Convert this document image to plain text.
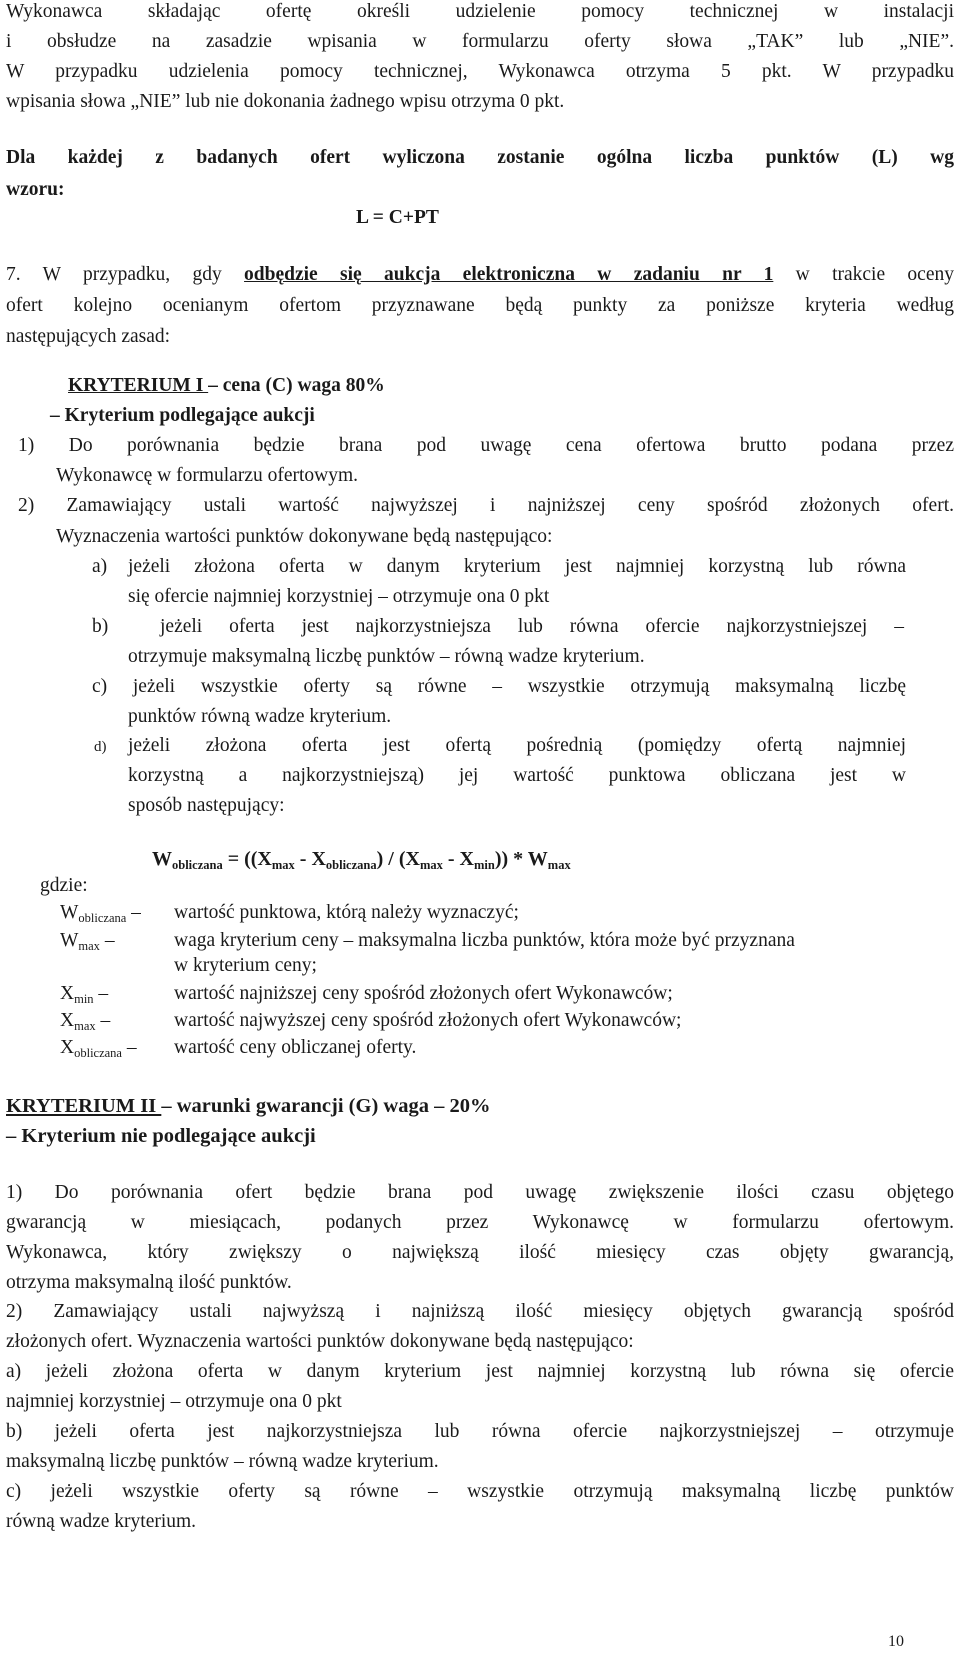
Wykonawca składając ofertę określi udzielenie pomocy technicznej w instalacji
i obsłudze na zasadzie wpisania w formularzu oferty słowa „TAK” lub „NIE”.
W przypadku udzielenia pomocy technicznej, Wykonawca otrzyma 5 pkt. W przypadku
wpisania słowa „NIE” lub nie dokonania żadnego wpisu otrzyma 0 pkt.
Dla każdej z badanych ofert wyliczona zostanie ogólna liczba punktów (L) wg
wzoru:
L = C+PT
7. W przypadku, gdy odbędzie się aukcja elektroniczna w zadaniu nr 1 w trakcie oceny
ofert kolejno ocenianym ofertom przyznawane będą punkty za poniższe kryteria według
następujących zasad:
KRYTERIUM I – cena (C) waga 80%
– Kryterium podlegające aukcji
1) Do porównania będzie brana pod uwagę cena ofertowa brutto podana przez
Wykonawcę w formularzu ofertowym.
2) Zamawiający ustali wartość najwyższej i najniższej ceny spośród złożonych ofert.
Wyznaczenia wartości punktów dokonywane będą następująco:
a) jeżeli złożona oferta w danym kryterium jest najmniej korzystną lub równa
się ofercie najmniej korzystniej – otrzymuje ona 0 pkt
b)	jeżeli oferta jest najkorzystniejsza lub równa ofercie najkorzystniejszej –
otrzymuje maksymalną liczbę punktów – równą wadze kryterium.
c) jeżeli wszystkie oferty są równe – wszystkie otrzymują maksymalną liczbę
punktów równą wadze kryterium.
d) jeżeli złożona oferta jest ofertą pośrednią (pomiędzy ofertą najmniej
korzystną a najkorzystniejszą) jej wartość punktowa obliczana jest w
sposób następujący:
$W_{obliczana} = ((X_{max} - X_{obliczana}) / (X_{max} - X_{min})) * W_{max}$
gdzie:
$W_{obliczana}$ – wartość punktowa, którą należy wyznaczyć;
$W_{max}$ –	waga kryterium ceny – maksymalna liczba punktów, która może być przyznana
w kryterium ceny;
$X_{min}$ –	wartość najniższej ceny spośród złożonych ofert Wykonawców;
$X_{max}$ –	wartość najwyższej ceny spośród złożonych ofert Wykonawców;
$X_{obliczana}$ – wartość ceny obliczanej oferty.
KRYTERIUM II – warunki gwarancji (G) waga – 20%
– Kryterium nie podlegające aukcji
1) Do porównania ofert będzie brana pod uwagę zwiększenie ilości czasu objętego
gwarancją w miesiącach, podanych przez Wykonawcę w formularzu ofertowym.
Wykonawca, który zwiększy o największą ilość miesięcy czas objęty gwarancją,
otrzyma maksymalną ilość punktów.
2) Zamawiający ustali najwyższą i najniższą ilość miesięcy objętych gwarancją spośród
złożonych ofert. Wyznaczenia wartości punktów dokonywane będą następująco:
a) jeżeli złożona oferta w danym kryterium jest najmniej korzystną lub równa się ofercie
najmniej korzystniej – otrzymuje ona 0 pkt
b) jeżeli oferta jest najkorzystniejsza lub równa ofercie najkorzystniejszej – otrzymuje
maksymalną liczbę punktów – równą wadze kryterium.
c) jeżeli wszystkie oferty są równe – wszystkie otrzymują maksymalną liczbę punktów
równą wadze kryterium.
10
